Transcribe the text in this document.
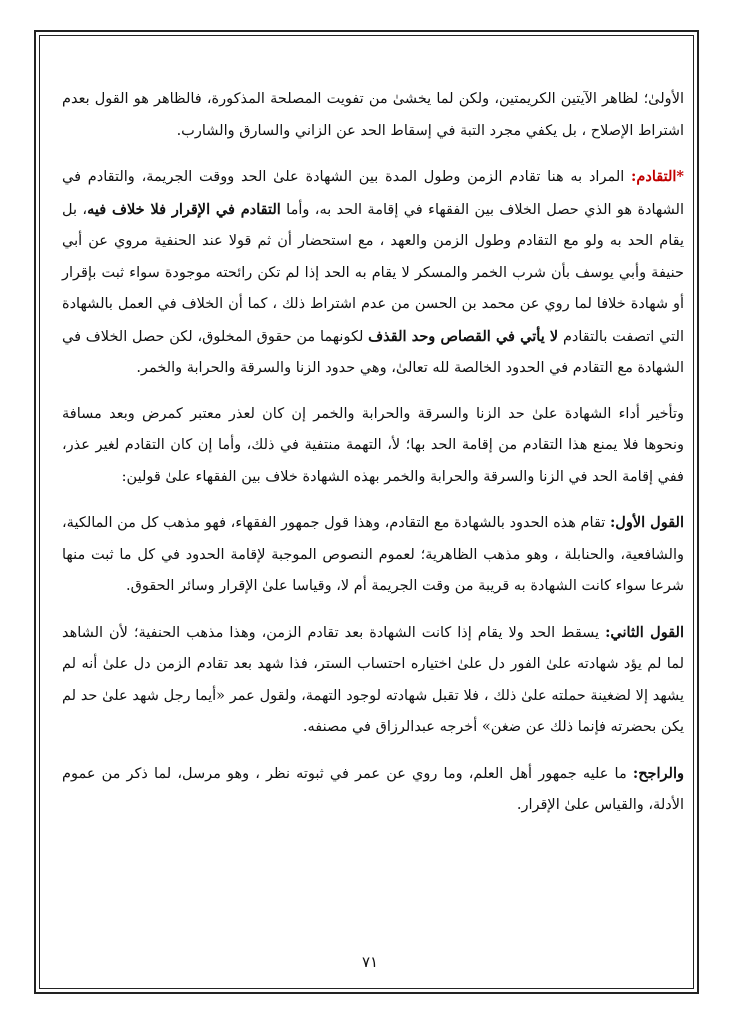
الأولىٰ؛ لظاهر الآيتين الكريمتين، ولكن لما يخشىٰ من تفويت المصلحة المذكورة، فالظاهر هو القول بعدم اشتراط الإصلاح ، بل يكفي مجرد التبة في إسقاط الحد عن الزاني والسارق والشارب.

*التقادم: المراد به هنا تقادم الزمن وطول المدة بين الشهادة علىٰ الحد ووقت الجريمة، والتقادم في الشهادة هو الذي حصل الخلاف بين الفقهاء في إقامة الحد به، وأما التقادم في الإقرار فلا خلاف فيه، بل يقام الحد به ولو مع التقادم وطول الزمن والعهد ، مع استحضار أن ثم قولا عند الحنفية مروي عن أبي حنيفة وأبي يوسف بأن شرب الخمر والمسكر لا يقام به الحد إذا لم تكن رائحته موجودة سواء ثبت بإقرار أو شهادة خلافا لما روي عن محمد بن الحسن من عدم اشتراط ذلك ، كما أن الخلاف في العمل بالشهادة التي اتصفت بالتقادم لا يأتي في القصاص وحد القذف لكونهما من حقوق المخلوق، لكن حصل الخلاف في الشهادة مع التقادم في الحدود الخالصة لله تعالىٰ، وهي حدود الزنا والسرقة والحرابة والخمر.

وتأخير أداء الشهادة علىٰ حد الزنا والسرقة والحرابة والخمر إن كان لعذر معتبر كمرض وبعد مسافة ونحوها فلا يمنع هذا التقادم من إقامة الحد بها؛ لأ، التهمة منتفية في ذلك، وأما إن كان التقادم لغير عذر، ففي إقامة الحد في الزنا والسرقة والحرابة والخمر بهذه الشهادة خلاف بين الفقهاء علىٰ قولين:

القول الأول: تقام هذه الحدود بالشهادة مع التقادم، وهذا قول جمهور الفقهاء، فهو مذهب كل من المالكية، والشافعية، والحنابلة ، وهو مذهب الظاهرية؛ لعموم النصوص الموجبة لإقامة الحدود في كل ما ثبت منها شرعا سواء كانت الشهادة به قريبة من وقت الجريمة أم لا، وقياسا علىٰ الإقرار وسائر الحقوق.

القول الثاني: يسقط الحد ولا يقام إذا كانت الشهادة بعد تقادم الزمن، وهذا مذهب الحنفية؛ لأن الشاهد لما لم يؤد شهادته علىٰ الفور دل علىٰ اختياره احتساب الستر، فذا شهد بعد تقادم الزمن دل علىٰ أنه لم يشهد إلا لضغينة حملته علىٰ ذلك ، فلا تقبل شهادته لوجود التهمة، ولقول عمر «أيما رجل شهد علىٰ حد لم يكن بحضرته فإنما ذلك عن ضغن» أخرجه عبدالرزاق في مصنفه.

والراجح: ما عليه جمهور أهل العلم، وما روي عن عمر في ثبوته نظر ، وهو مرسل، لما ذكر من عموم الأدلة، والقياس علىٰ الإقرار.

٧١
